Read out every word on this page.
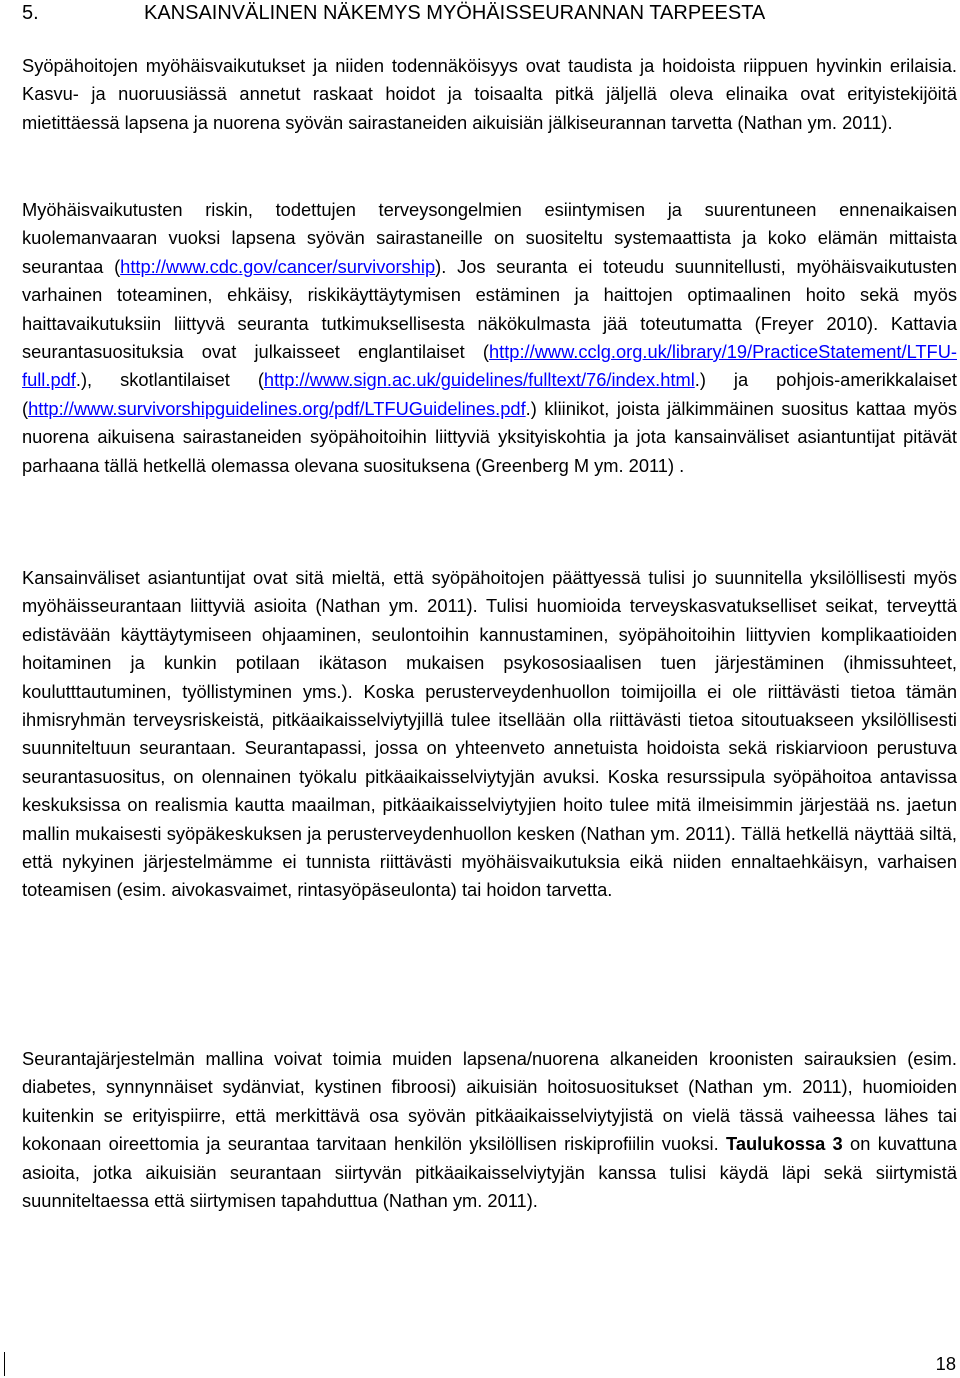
5.	KANSAINVÄLINEN NÄKEMYS MYÖHÄISSEURANNAN TARPEESTA

Syöpähoitojen myöhäisvaikutukset ja niiden todennäköisyys ovat taudista ja hoidoista riippuen hyvinkin erilaisia. Kasvu- ja nuoruusiässä annetut raskaat hoidot ja toisaalta pitkä jäljellä oleva elinaika ovat erityistekijöitä mietittäessä lapsena ja nuorena syövän sairastaneiden aikuisiän jälkiseurannan tarvetta (Nathan ym. 2011).

Myöhäisvaikutusten riskin, todettujen terveysongelmien esiintymisen ja suurentuneen ennenaikaisen kuolemanvaaran vuoksi lapsena syövän sairastaneille on suositeltu systemaattista ja koko elämän mittaista seurantaa (http://www.cdc.gov/cancer/survivorship). Jos seuranta ei toteudu suunnitellusti, myöhäisvaikutusten varhainen toteaminen, ehkäisy, riskikäyttäytymisen estäminen ja haittojen optimaalinen hoito sekä myös haittavaikutuksiin liittyvä seuranta tutkimuksellisesta näkökulmasta jää toteutumatta (Freyer 2010). Kattavia seurantasuosituksia ovat julkaisseet englantilaiset (http://www.cclg.org.uk/library/19/PracticeStatement/LTFU-full.pdf.), skotlantilaiset (http://www.sign.ac.uk/guidelines/fulltext/76/index.html.) ja pohjois-amerikkalaiset (http://www.survivorshipguidelines.org/pdf/LTFUGuidelines.pdf.) kliinikot, joista jälkimmäinen suositus kattaa myös nuorena aikuisena sairastaneiden syöpähoitoihin liittyviä yksityiskohtia ja jota kansainväliset asiantuntijat pitävät parhaana tällä hetkellä olemassa olevana suosituksena (Greenberg M ym. 2011) .

Kansainväliset asiantuntijat ovat sitä mieltä, että syöpähoitojen päättyessä tulisi jo suunnitella yksilöllisesti myös myöhäisseurantaan liittyviä asioita (Nathan ym. 2011). Tulisi huomioida terveyskasvatukselliset seikat, terveyttä edistävään käyttäytymiseen ohjaaminen, seulontoihin kannustaminen, syöpähoitoihin liittyvien komplikaatioiden hoitaminen ja kunkin potilaan ikätason mukaisen psykososiaalisen tuen järjestäminen (ihmissuhteet, koulutttautuminen, työllistyminen yms.). Koska perusterveydenhuollon toimijoilla ei ole riittävästi tietoa tämän ihmisryhmän terveysriskeistä, pitkäaikaisselviytyjillä tulee itsellään olla riittävästi tietoa sitoutuakseen yksilöllisesti suunniteltuun seurantaan. Seurantapassi, jossa on yhteenveto annetuista hoidoista sekä riskiarvioon perustuva seurantasuositus, on olennainen työkalu pitkäaikaisselviytyjän avuksi. Koska resurssipula syöpähoitoa antavissa keskuksissa on realismia kautta maailman, pitkäaikaisselviytyjien hoito tulee mitä ilmeisimmin järjestää ns. jaetun mallin mukaisesti syöpäkeskuksen ja perusterveydenhuollon kesken (Nathan ym. 2011). Tällä hetkellä näyttää siltä, että nykyinen järjestelmämme ei tunnista riittävästi myöhäisvaikutuksia eikä niiden ennaltaehkäisyn, varhaisen toteamisen (esim. aivokasvaimet, rintasyöpäseulonta) tai hoidon tarvetta.

Seurantajärjestelmän mallina voivat toimia muiden lapsena/nuorena alkaneiden kroonisten sairauksien (esim. diabetes, synnynnäiset sydänviat, kystinen fibroosi) aikuisiän hoitosuositukset (Nathan ym. 2011), huomioiden kuitenkin se erityispiirre, että merkittävä osa syövän pitkäaikaisselviytyjistä on vielä tässä vaiheessa lähes tai kokonaan oireettomia ja seurantaa tarvitaan henkilön yksilöllisen riskiprofiilin vuoksi. Taulukossa 3 on kuvattuna asioita, jotka aikuisiän seurantaan siirtyvän pitkäaikaisselviytyjän kanssa tulisi käydä läpi sekä siirtymistä suunniteltaessa että siirtymisen tapahduttua (Nathan ym. 2011).

18
